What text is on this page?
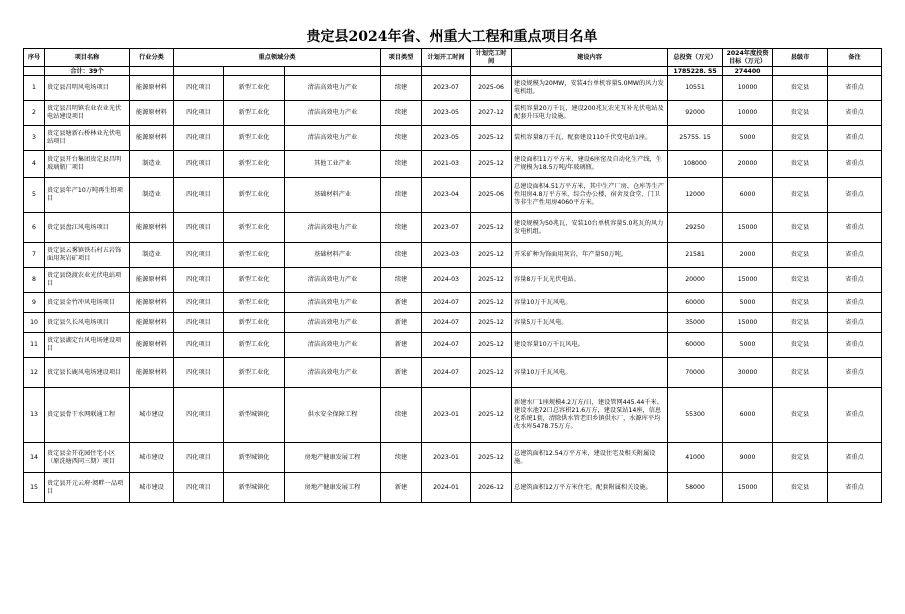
贵定县2024年省、州重大工程和重点项目名单
序号	项目名称	行业分类	重点领域分类			项目类型	计划开工时间	计划完工时间	建设内容	总投资（万元）	2024年度投资目标（万元）	县级市	备注
	合计：39个									1785228. 55	274400		
1	贵定县昌明风电场项目	能源原材料	四化项目	新型工业化	清洁高效电力产业	续建	2023-07	2025-06	建设规模为20MW，安装4台单机容量5.0MW的风力发电机组。	10551	10000	贵定县	省重点
2	贵定县昌明镇农业农业光伏电站建设项目	能源原材料	四化项目	新型工业化	清洁高效电力产业	续建	2023-05	2027-12	装机容量20万千瓦，建设200兆瓦农光互补光伏电站及配套升压电力设施。	92000	10000	贵定县	省重点
3	贵定县塘新石桥林业光伏电站项目	能源原材料	四化项目	新型工业化	清洁高效电力产业	续建	2023-05	2025-12	装机容量8万千瓦，配套建设110千伏变电站1座。	25755. 15	5000	贵定县	省重点
4	贵定县开台集团贵定县昌明玻璃瓶厂项目	制造业	四化项目	新型工业化	其他工业产业	续建	2021-03	2025-12	建设面积11万平方米，建设6座窑及自动化生产线，生产规模为18.5万吨/年玻璃瓶。	108000	20000	贵定县	省重点
5	贵定县年产10万吨再生铅项目	制造业	四化项目	新型工业化	基础材料产业	续建	2023-04	2025-06	总建设面积4.51万平方米，其中生产厂房、仓库等生产性用房4.8万平方米，综合办公楼、宿舍及食堂、门卫等非生产性用房4060平方米。	12000	6000	贵定县	省重点
6	贵定县盘江风电场项目	能源原材料	四化项目	新型工业化	清洁高效电力产业	续建	2023-07	2025-12	建设规模为50兆瓦，安装10台单机容量5.0兆瓦的风力发电机组。	29250	15000	贵定县	省重点
7	贵定县云雾镇铁石村五岩饰面用灰岩矿项目	制造业	四化项目	新型工业化	基础材料产业	续建	2023-03	2025-12	开采矿种为饰面用灰岩，年产量50万吨。	21581	2000	贵定县	省重点
8	贵定县绕渡农业光伏电站项目	能源原材料	四化项目	新型工业化	清洁高效电力产业	续建	2024-03	2025-12	容量8万千瓦光伏电站。	20000	15000	贵定县	省重点
9	贵定县金竹冲风电场项目	能源原材料	四化项目	新型工业化	清洁高效电力产业	新建	2024-07	2025-12	容量10万千瓦风电。	60000	5000	贵定县	省重点
10	贵定县久长风电场项目	能源原材料	四化项目	新型工业化	清洁高效电力产业	新建	2024-07	2025-12	容量5万千瓦风电。	35000	15000	贵定县	省重点
11	贵定县湖定台风电场建设项目	能源原材料	四化项目	新型工业化	清洁高效电力产业	新建	2024-07	2025-12	建设容量10万千瓦风电。	60000	5000	贵定县	省重点
12	贵定县长鹿风电场建设项目	能源原材料	四化项目	新型工业化	清洁高效电力产业	新建	2024-07	2025-12	容量10万千瓦风电。	70000	30000	贵定县	省重点
13	贵定县骨干水网联通工程	城市建设	四化项目	新型城镇化	供水安全保障工程	续建	2023-01	2025-12	新建水厂1座规模4.2万方/日，建设管网445.44千米。建设水池72口总容积21.6万方，建设泵站14座，信息化系统1套，清除供水管老旧乡镇供水厂，水源库平均改水库5478.75万方。	55300	6000	贵定县	省重点
14	贵定县金开花园住宅小区（原洗塘西同三期）项目	城市建设	四化项目	新型城镇化	房地产健康发展工程	续建	2023-01	2025-12	总建筑面积12.54万平方米，建设住宅及相关附属设施。	41000	9000	贵定县	省重点
15	贵定县开元云府·阅畔一品项目	城市建设	四化项目	新型城镇化	房地产健康发展工程	新建	2024-01	2026-12	总建筑面积12万平方米住宅，配套附属相关设施。	58000	15000	贵定县	省重点
